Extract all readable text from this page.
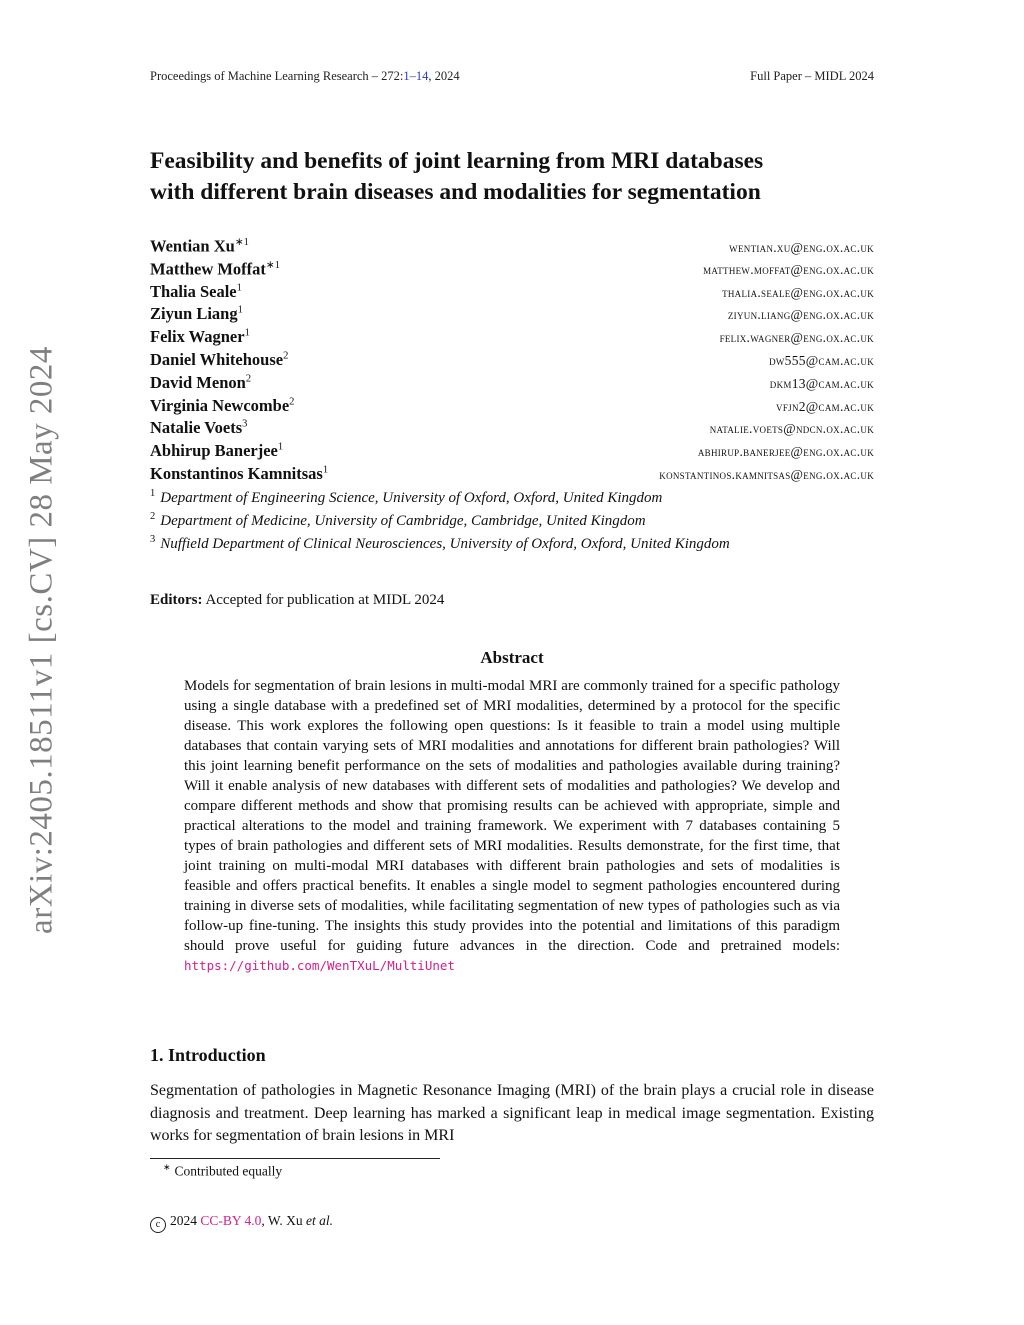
Proceedings of Machine Learning Research – 272:1–14, 2024	Full Paper – MIDL 2024
arXiv:2405.18511v1 [cs.CV] 28 May 2024
Feasibility and benefits of joint learning from MRI databases
with different brain diseases and modalities for segmentation
Wentian $Xu^{∗1}$	wentian.xu@eng.ox.ac.uk
Matthew Moffat$^{∗1}$	matthew.moffat@eng.ox.ac.uk
Thalia Seale$^1$	thalia.seale@eng.ox.ac.uk
Ziyun Liang$^1$	ziyun.liang@eng.ox.ac.uk
Felix Wagner$^1$	felix.wagner@eng.ox.ac.uk
Daniel Whitehouse$^2$	dw555@cam.ac.uk
David Menon$^2$	dkm13@cam.ac.uk
Virginia Newcombe$^2$	vfjn2@cam.ac.uk
Natalie Voets$^3$	natalie.voets@ndcn.ox.ac.uk
Abhirup Banerjee$^1$	abhirup.banerjee@eng.ox.ac.uk
Konstantinos Kamnitsas$^1$	konstantinos.kamnitsas@eng.ox.ac.uk
$^1$ Department of Engineering Science, University of Oxford, Oxford, United Kingdom
$^2$ Department of Medicine, University of Cambridge, Cambridge, United Kingdom
$^3$ Nuffield Department of Clinical Neurosciences, University of Oxford, Oxford, United Kingdom
Editors: Accepted for publication at MIDL 2024
Abstract
Models for segmentation of brain lesions in multi-modal MRI are commonly trained for a specific pathology using a single database with a predefined set of MRI modalities, determined by a protocol for the specific disease. This work explores the following open questions: Is it feasible to train a model using multiple databases that contain varying sets of MRI modalities and annotations for different brain pathologies? Will this joint learning benefit performance on the sets of modalities and pathologies available during training? Will it enable analysis of new databases with different sets of modalities and pathologies? We develop and compare different methods and show that promising results can be achieved with appropriate, simple and practical alterations to the model and training framework. We experiment with 7 databases containing 5 types of brain pathologies and different sets of MRI modalities. Results demonstrate, for the first time, that joint training on multi-modal MRI databases with different brain pathologies and sets of modalities is feasible and offers practical benefits. It enables a single model to segment pathologies encountered during training in diverse sets of modalities, while facilitating segmentation of new types of pathologies such as via follow-up fine-tuning. The insights this study provides into the potential and limitations of this paradigm should prove useful for guiding future advances in the direction. Code and pretrained models: https://github.com/WenTXuL/MultiUnet
1. Introduction
Segmentation of pathologies in Magnetic Resonance Imaging (MRI) of the brain plays a crucial role in disease diagnosis and treatment. Deep learning has marked a significant leap in medical image segmentation. Existing works for segmentation of brain lesions in MRI
∗ Contributed equally
c 2024 CC-BY 4.0, W. Xu et al.
